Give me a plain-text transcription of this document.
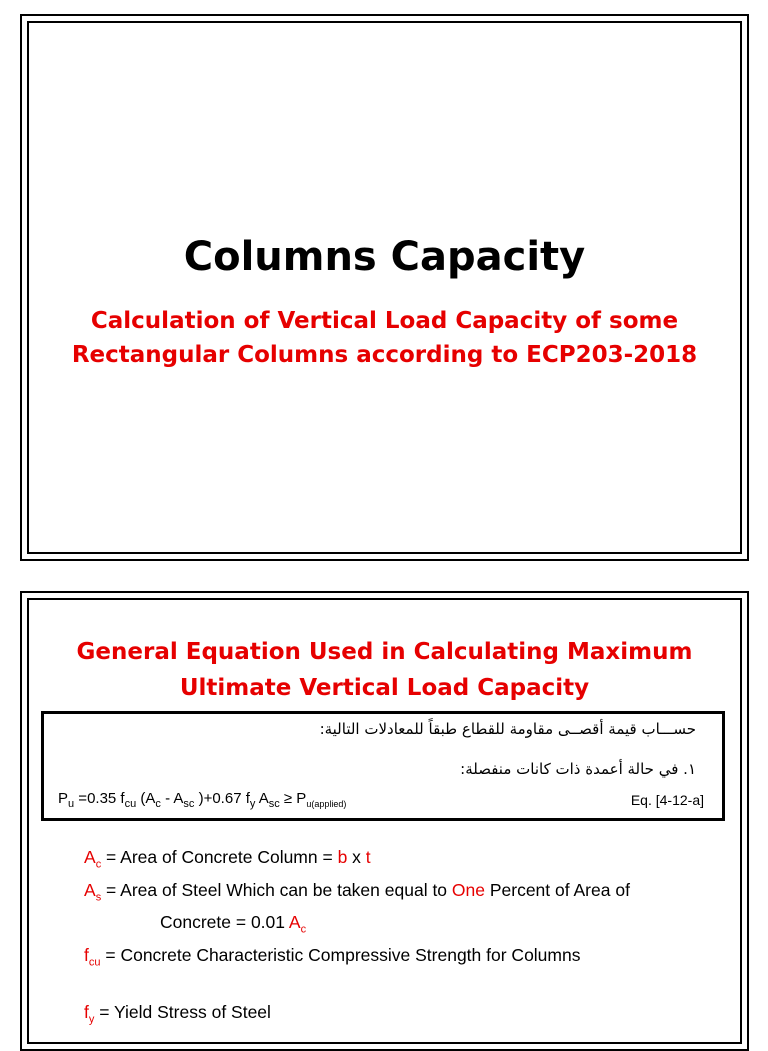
Columns Capacity
Calculation of Vertical Load Capacity of some
Rectangular Columns according to ECP203-2018
General Equation Used in Calculating Maximum
Ultimate Vertical Load Capacity
حســـاب قيمة أقصــى مقاومة للقطاع طبقاً للمعادلات التالية:
١. في حالة أعمدة ذات كانات منفصلة:
$P_u =0.35$ $f_{cu}$ ($A_c - A_{sc}$ )+0.67 $f_y$ $A_{sc} \ge P_{u(applied)}$	Eq. [4-12-a]
$A_c$ = Area of Concrete Column = b x t
$A_s$ = Area of Steel Which can be taken equal to One Percent of Area of
Concrete = 0.01 $A_c$
$f_{cu}$ = Concrete Characteristic Compressive Strength for Columns
$f_y$ = Yield Stress of Steel
